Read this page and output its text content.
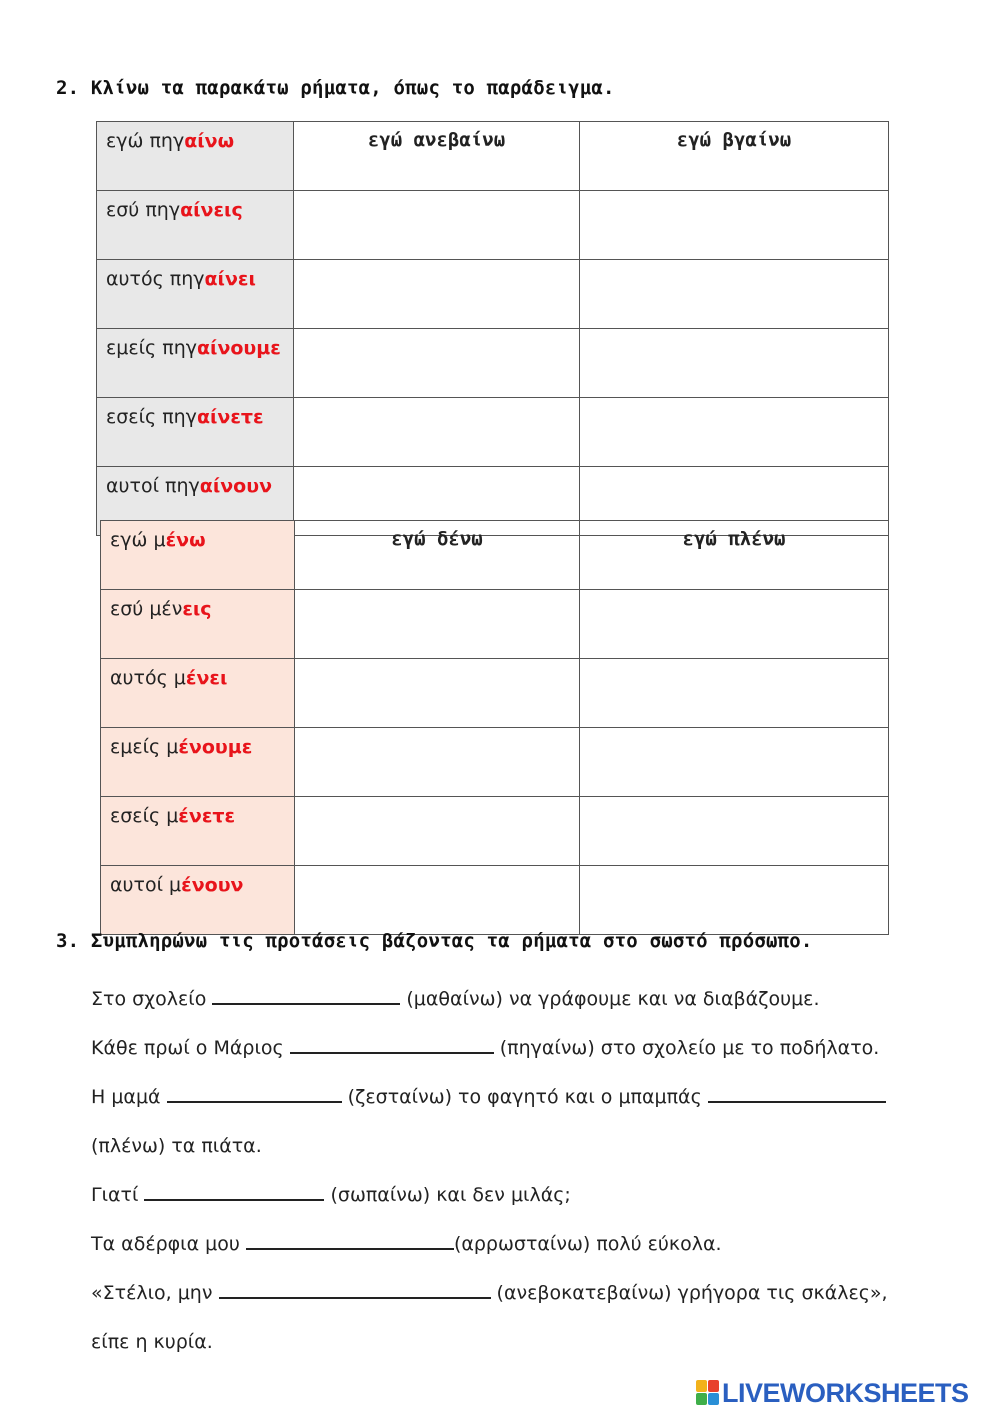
2. Κλίνω τα παρακάτω ρήματα, όπως το παράδειγμα.
εγώ πηγαίνω	εγώ ανεβαίνω	εγώ βγαίνω
εσύ πηγαίνεις		
αυτός πηγαίνει		
εμείς πηγαίνουμε		
εσείς πηγαίνετε		
αυτοί πηγαίνουν		
εγώ μένω	εγώ δένω	εγώ πλένω
εσύ μένεις		
αυτός μένει		
εμείς μένουμε		
εσείς μένετε		
αυτοί μένουν		
3. Συμπληρώνω τις προτάσεις βάζοντας τα ρήματα στο σωστό πρόσωπο.
Στο σχολείο	(μαθαίνω) να γράφουμε και να διαβάζουμε.
Κάθε πρωί ο Μάριος	(πηγαίνω) στο σχολείο με το ποδήλατο.
Η μαμά	(ζεσταίνω) το φαγητό και ο μπαμπάς
(πλένω) τα πιάτα.
Γιατί	(σωπαίνω) και δεν μιλάς;
Τα αδέρφια μου	(αρρωσταίνω) πολύ εύκολα.
«Στέλιο, μην	(ανεβοκατεβαίνω) γρήγορα τις σκάλες»,
είπε η κυρία.
LIVEWORKSHEETS
